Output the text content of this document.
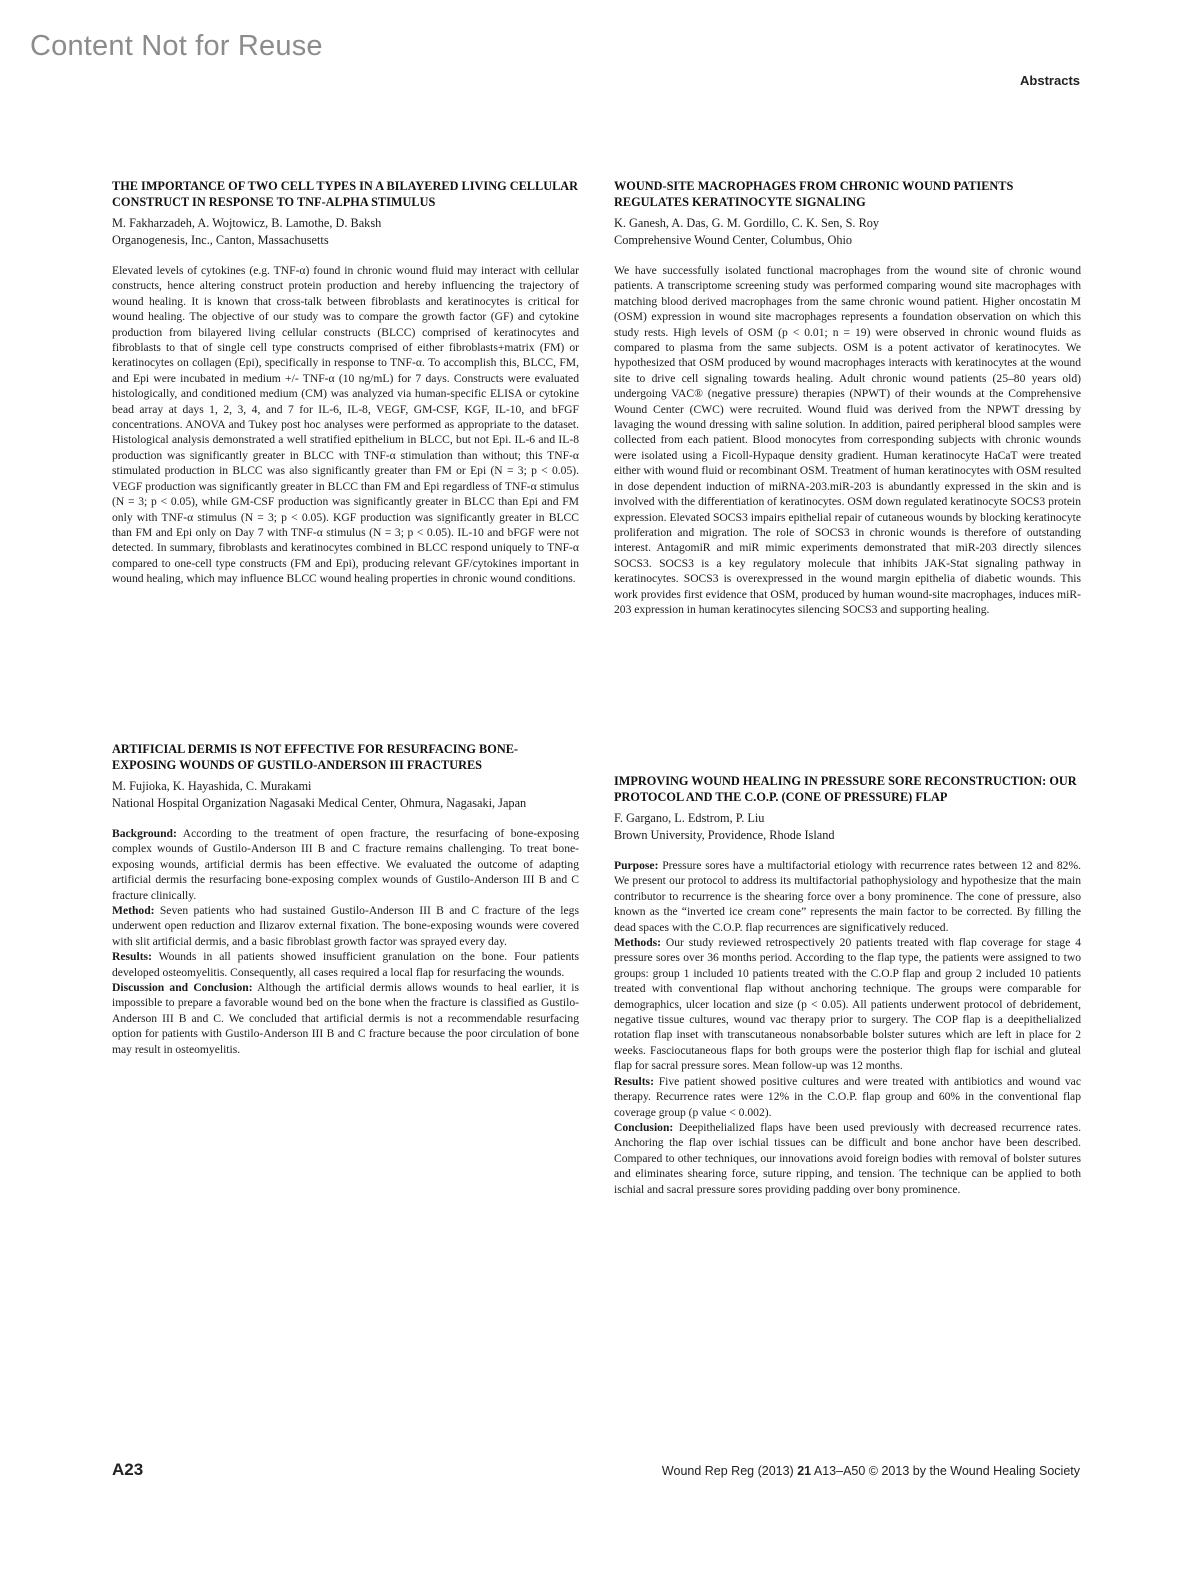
Content Not for Reuse
Abstracts
THE IMPORTANCE OF TWO CELL TYPES IN A BILAYERED LIVING CELLULAR CONSTRUCT IN RESPONSE TO TNF-ALPHA STIMULUS

M. Fakharzadeh, A. Wojtowicz, B. Lamothe, D. Baksh

Organogenesis, Inc., Canton, Massachusetts

Elevated levels of cytokines (e.g. TNF-α) found in chronic wound fluid may interact with cellular constructs, hence altering construct protein production and hereby influencing the trajectory of wound healing. It is known that cross-talk between fibroblasts and keratinocytes is critical for wound healing. The objective of our study was to compare the growth factor (GF) and cytokine production from bilayered living cellular constructs (BLCC) comprised of keratinocytes and fibroblasts to that of single cell type constructs comprised of either fibroblasts+matrix (FM) or keratinocytes on collagen (Epi), specifically in response to TNF-α. To accomplish this, BLCC, FM, and Epi were incubated in medium +/- TNF-α (10 ng/mL) for 7 days. Constructs were evaluated histologically, and conditioned medium (CM) was analyzed via human-specific ELISA or cytokine bead array at days 1, 2, 3, 4, and 7 for IL-6, IL-8, VEGF, GM-CSF, KGF, IL-10, and bFGF concentrations. ANOVA and Tukey post hoc analyses were performed as appropriate to the dataset. Histological analysis demonstrated a well stratified epithelium in BLCC, but not Epi. IL-6 and IL-8 production was significantly greater in BLCC with TNF-α stimulation than without; this TNF-α stimulated production in BLCC was also significantly greater than FM or Epi (N = 3; p < 0.05). VEGF production was significantly greater in BLCC than FM and Epi regardless of TNF-α stimulus (N = 3; p < 0.05), while GM-CSF production was significantly greater in BLCC than Epi and FM only with TNF-α stimulus (N = 3; p < 0.05). KGF production was significantly greater in BLCC than FM and Epi only on Day 7 with TNF-α stimulus (N = 3; p < 0.05). IL-10 and bFGF were not detected. In summary, fibroblasts and keratinocytes combined in BLCC respond uniquely to TNF-α compared to one-cell type constructs (FM and Epi), producing relevant GF/cytokines important in wound healing, which may influence BLCC wound healing properties in chronic wound conditions.

ARTIFICIAL DERMIS IS NOT EFFECTIVE FOR RESURFACING BONE-EXPOSING WOUNDS OF GUSTILO-ANDERSON III FRACTURES

M. Fujioka, K. Hayashida, C. Murakami

National Hospital Organization Nagasaki Medical Center, Ohmura, Nagasaki, Japan

Background: According to the treatment of open fracture, the resurfacing of bone-exposing complex wounds of Gustilo-Anderson III B and C fracture remains challenging. To treat bone-exposing wounds, artificial dermis has been effective. We evaluated the outcome of adapting artificial dermis the resurfacing bone-exposing complex wounds of Gustilo-Anderson III B and C fracture clinically.

Method: Seven patients who had sustained Gustilo-Anderson III B and C fracture of the legs underwent open reduction and Ilizarov external fixation. The bone-exposing wounds were covered with slit artificial dermis, and a basic fibroblast growth factor was sprayed every day.

Results: Wounds in all patients showed insufficient granulation on the bone. Four patients developed osteomyelitis. Consequently, all cases required a local flap for resurfacing the wounds.

Discussion and Conclusion: Although the artificial dermis allows wounds to heal earlier, it is impossible to prepare a favorable wound bed on the bone when the fracture is classified as Gustilo-Anderson III B and C. We concluded that artificial dermis is not a recommendable resurfacing option for patients with Gustilo-Anderson III B and C fracture because the poor circulation of bone may result in osteomyelitis.

WOUND-SITE MACROPHAGES FROM CHRONIC WOUND PATIENTS REGULATES KERATINOCYTE SIGNALING

K. Ganesh, A. Das, G. M. Gordillo, C. K. Sen, S. Roy

Comprehensive Wound Center, Columbus, Ohio

We have successfully isolated functional macrophages from the wound site of chronic wound patients. A transcriptome screening study was performed comparing wound site macrophages with matching blood derived macrophages from the same chronic wound patient. Higher oncostatin M (OSM) expression in wound site macrophages represents a foundation observation on which this study rests. High levels of OSM (p < 0.01; n = 19) were observed in chronic wound fluids as compared to plasma from the same subjects. OSM is a potent activator of keratinocytes. We hypothesized that OSM produced by wound macrophages interacts with keratinocytes at the wound site to drive cell signaling towards healing. Adult chronic wound patients (25–80 years old) undergoing VAC® (negative pressure) therapies (NPWT) of their wounds at the Comprehensive Wound Center (CWC) were recruited. Wound fluid was derived from the NPWT dressing by lavaging the wound dressing with saline solution. In addition, paired peripheral blood samples were collected from each patient. Blood monocytes from corresponding subjects with chronic wounds were isolated using a Ficoll-Hypaque density gradient. Human keratinocyte HaCaT were treated either with wound fluid or recombinant OSM. Treatment of human keratinocytes with OSM resulted in dose dependent induction of miRNA-203.miR-203 is abundantly expressed in the skin and is involved with the differentiation of keratinocytes. OSM down regulated keratinocyte SOCS3 protein expression. Elevated SOCS3 impairs epithelial repair of cutaneous wounds by blocking keratinocyte proliferation and migration. The role of SOCS3 in chronic wounds is therefore of outstanding interest. AntagomiR and miR mimic experiments demonstrated that miR-203 directly silences SOCS3. SOCS3 is a key regulatory molecule that inhibits JAK-Stat signaling pathway in keratinocytes. SOCS3 is overexpressed in the wound margin epithelia of diabetic wounds. This work provides first evidence that OSM, produced by human wound-site macrophages, induces miR-203 expression in human keratinocytes silencing SOCS3 and supporting healing.

IMPROVING WOUND HEALING IN PRESSURE SORE RECONSTRUCTION: OUR PROTOCOL AND THE C.O.P. (CONE OF PRESSURE) FLAP

F. Gargano, L. Edstrom, P. Liu

Brown University, Providence, Rhode Island

Purpose: Pressure sores have a multifactorial etiology with recurrence rates between 12 and 82%. We present our protocol to address its multifactorial pathophysiology and hypothesize that the main contributor to recurrence is the shearing force over a bony prominence. The cone of pressure, also known as the “inverted ice cream cone” represents the main factor to be corrected. By filling the dead spaces with the C.O.P. flap recurrences are significatively reduced.

Methods: Our study reviewed retrospectively 20 patients treated with flap coverage for stage 4 pressure sores over 36 months period. According to the flap type, the patients were assigned to two groups: group 1 included 10 patients treated with the C.O.P flap and group 2 included 10 patients treated with conventional flap without anchoring technique. The groups were comparable for demographics, ulcer location and size (p < 0.05). All patients underwent protocol of debridement, negative tissue cultures, wound vac therapy prior to surgery. The COP flap is a deepithelialized rotation flap inset with transcutaneous nonabsorbable bolster sutures which are left in place for 2 weeks. Fasciocutaneous flaps for both groups were the posterior thigh flap for ischial and gluteal flap for sacral pressure sores. Mean follow-up was 12 months.

Results: Five patient showed positive cultures and were treated with antibiotics and wound vac therapy. Recurrence rates were 12% in the C.O.P. flap group and 60% in the conventional flap coverage group (p value < 0.002).

Conclusion: Deepithelialized flaps have been used previously with decreased recurrence rates. Anchoring the flap over ischial tissues can be difficult and bone anchor have been described. Compared to other techniques, our innovations avoid foreign bodies with removal of bolster sutures and eliminates shearing force, suture ripping, and tension. The technique can be applied to both ischial and sacral pressure sores providing padding over bony prominence.

A23	Wound Rep Reg (2013) 21 A13–A50 © 2013 by the Wound Healing Society
